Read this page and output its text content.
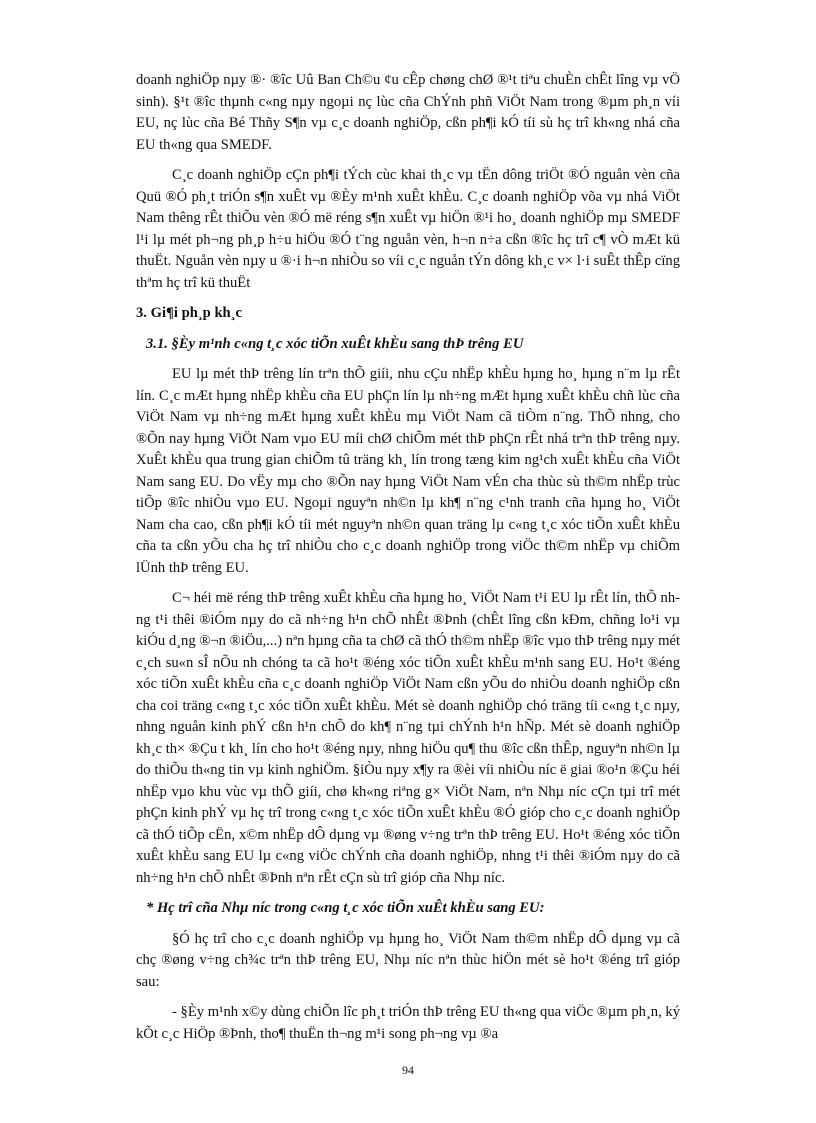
doanh nghiÖp nµy ®· ®îc Uû Ban Ch©u ¢u cÊp chøng chØ ®¹t tiªu chuÈn chÊt lîng vµ vÖ sinh). §¹t ®îc thµnh c«ng nµy ngoµi nç lùc cña ChÝnh phñ ViÖt Nam trong ®µm ph¸n víi EU, nç lùc cña Bé Thñy S¶n vµ c¸c doanh nghiÖp, cßn ph¶i kÓ tíi sù hç trî kh«ng nhá cña EU th«ng qua SMEDF.

C¸c doanh nghiÖp cÇn ph¶i tÝch cùc khai th¸c vµ tËn dông triÖt ®Ó nguån vèn cña Quü ®Ó ph¸t triÓn s¶n xuÊt vµ ®Èy m¹nh xuÊt khÈu. C¸c doanh nghiÖp võa vµ nhá ViÖt Nam thêng rÊt thiÕu vèn ®Ó më réng s¶n xuÊt vµ hiÖn ®¹i ho¸ doanh nghiÖp mµ SMEDF l¹i lµ mét ph¬ng ph¸p h÷u hiÖu ®Ó t¨ng nguån vèn, h¬n n÷a cßn ®îc hç trî c¶ vÒ mÆt kü thuËt. Nguån vèn nµy u ®·i h¬n nhiÒu so víi c¸c nguån tÝn dông kh¸c v× l·i suÊt thÊp cïng thªm hç trî kü thuËt

3. Gi¶i ph¸p kh¸c

3.1. §Èy m¹nh c«ng t¸c xóc tiÕn xuÊt khÈu sang thÞ trêng EU

EU lµ mét thÞ trêng lín trªn thÕ giíi, nhu cÇu nhËp khÈu hµng ho¸ hµng n¨m lµ rÊt lín. C¸c mÆt hµng nhËp khÈu cña EU phÇn lín lµ nh÷ng mÆt hµng xuÊt khÈu chñ lùc cña ViÖt Nam vµ nh÷ng mÆt hµng xuÊt khÈu mµ ViÖt Nam cã tiÒm n¨ng. ThÕ nhng, cho ®Õn nay hµng ViÖt Nam vµo EU míi chØ chiÕm mét thÞ phÇn rÊt nhá trªn thÞ trêng nµy. XuÊt khÈu qua trung gian chiÕm tû träng kh¸ lín trong tæng kim ng¹ch xuÊt khÈu cña ViÖt Nam sang EU. Do vËy mµ cho ®Õn nay hµng ViÖt Nam vÉn cha thùc sù th©m nhËp trùc tiÕp ®îc nhiÒu vµo EU. Ngoµi nguyªn nh©n lµ kh¶ n¨ng c¹nh tranh cña hµng ho¸ ViÖt Nam cha cao, cßn ph¶i kÓ tíi mét nguyªn nh©n quan träng lµ c«ng t¸c xóc tiÕn xuÊt khÈu cña ta cßn yÕu cha hç trî nhiÒu cho c¸c doanh nghiÖp trong viÖc th©m nhËp vµ chiÕm lÜnh thÞ trêng EU.

C¬ héi më réng thÞ trêng xuÊt khÈu cña hµng ho¸ ViÖt Nam t¹i EU lµ rÊt lín, thÕ nhng t¹i thêi ®iÓm nµy do cã nh÷ng h¹n chÕ nhÊt ®Þnh (chÊt lîng cßn kÐm, chñng lo¹i vµ kiÓu d¸ng ®¬n ®iÖu,...) nªn hµng cña ta chØ cã thÓ th©m nhËp ®îc vµo thÞ trêng nµy mét c¸ch su«n sÎ nÕu nh chóng ta cã ho¹t ®éng xóc tiÕn xuÊt khÈu m¹nh sang EU. Ho¹t ®éng xóc tiÕn xuÊt khÈu cña c¸c doanh nghiÖp ViÖt Nam cßn yÕu do nhiÒu doanh nghiÖp cßn cha coi träng c«ng t¸c xóc tiÕn xuÊt khÈu. Mét sè doanh nghiÖp chó träng tíi c«ng t¸c nµy, nhng nguån kinh phÝ cßn h¹n chÕ do kh¶ n¨ng tµi chÝnh h¹n hÑp. Mét sè doanh nghiÖp kh¸c th× ®Çu t kh¸ lín cho ho¹t ®éng nµy, nhng hiÖu qu¶ thu ®îc cßn thÊp, nguyªn nh©n lµ do thiÕu th«ng tin vµ kinh nghiÖm. §iÒu nµy x¶y ra ®èi víi nhiÒu níc ë giai ®o¹n ®Çu héi nhËp vµo khu vùc vµ thÕ giíi, chø kh«ng riªng g× ViÖt Nam, nªn Nhµ níc cÇn tµi trî mét phÇn kinh phÝ vµ hç trî trong c«ng t¸c xóc tiÕn xuÊt khÈu ®Ó gióp cho c¸c doanh nghiÖp cã thÓ tiÕp cËn, x©m nhËp dÔ dµng vµ ®øng v÷ng trªn thÞ trêng EU. Ho¹t ®éng xóc tiÕn xuÊt khÈu sang EU lµ c«ng viÖc chÝnh cña doanh nghiÖp, nhng t¹i thêi ®iÓm nµy do cã nh÷ng h¹n chÕ nhÊt ®Þnh nªn rÊt cÇn sù trî gióp cña Nhµ níc.

* Hç trî cña Nhµ níc trong c«ng t¸c xóc tiÕn xuÊt khÈu sang EU:

§Ó hç trî cho c¸c doanh nghiÖp vµ hµng ho¸ ViÖt Nam th©m nhËp dÔ dµng vµ cã chç ®øng v÷ng ch¾c trªn thÞ trêng EU, Nhµ níc nªn thùc hiÖn mét sè ho¹t ®éng trî gióp sau:

- §Èy m¹nh x©y dùng chiÕn lîc ph¸t triÓn thÞ trêng EU th«ng qua viÖc ®µm ph¸n, ký kÕt c¸c HiÖp ®Þnh, tho¶ thuËn th¬ng m¹i song ph¬ng vµ ®a

94
